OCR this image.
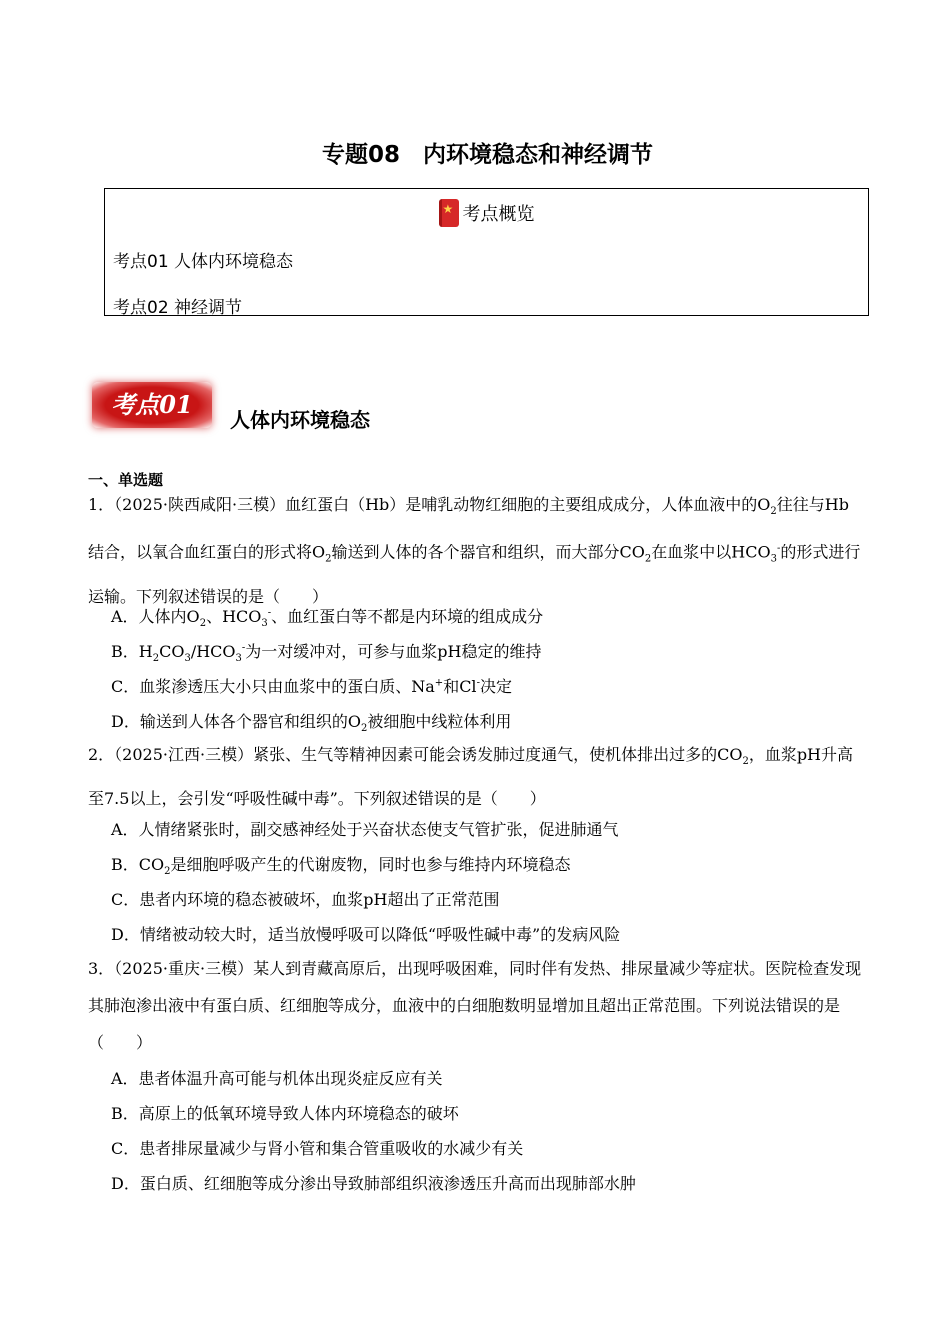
专题08　内环境稳态和神经调节
★考点概览
考点01 人体内环境稳态
考点02 神经调节
考点01
人体内环境稳态
一、单选题
1．（2025·陕西咸阳·三模）血红蛋白（Hb）是哺乳动物红细胞的主要组成成分，人体血液中的$O_2$往往与Hb结合，以氧合血红蛋白的形式将$O_2$输送到人体的各个器官和组织，而大部分$CO_2$在血浆中以$HCO_3^-$的形式进行运输。下列叙述错误的是（　　）
A．人体内$O_2$、$HCO_3^-$、血红蛋白等不都是内环境的组成成分
B．$H_2CO_3/HCO_3^-$为一对缓冲对，可参与血浆pH稳定的维持
C．血浆渗透压大小只由血浆中的蛋白质、Na+和Cl-决定
D．输送到人体各个器官和组织的$O_2$被细胞中线粒体利用
2．（2025·江西·三模）紧张、生气等精神因素可能会诱发肺过度通气，使机体排出过多的$CO_2$，血浆pH升高至7.5以上，会引发“呼吸性碱中毒”。下列叙述错误的是（　　）
A．人情绪紧张时，副交感神经处于兴奋状态使支气管扩张，促进肺通气
B．$CO_2$是细胞呼吸产生的代谢废物，同时也参与维持内环境稳态
C．患者内环境的稳态被破坏，血浆pH超出了正常范围
D．情绪被动较大时，适当放慢呼吸可以降低“呼吸性碱中毒”的发病风险
3．（2025·重庆·三模）某人到青藏高原后，出现呼吸困难，同时伴有发热、排尿量减少等症状。医院检查发现其肺泡渗出液中有蛋白质、红细胞等成分，血液中的白细胞数明显增加且超出正常范围。下列说法错误的是（　　）
A．患者体温升高可能与机体出现炎症反应有关
B．高原上的低氧环境导致人体内环境稳态的破坏
C．患者排尿量减少与肾小管和集合管重吸收的水减少有关
D．蛋白质、红细胞等成分渗出导致肺部组织液渗透压升高而出现肺部水肿
